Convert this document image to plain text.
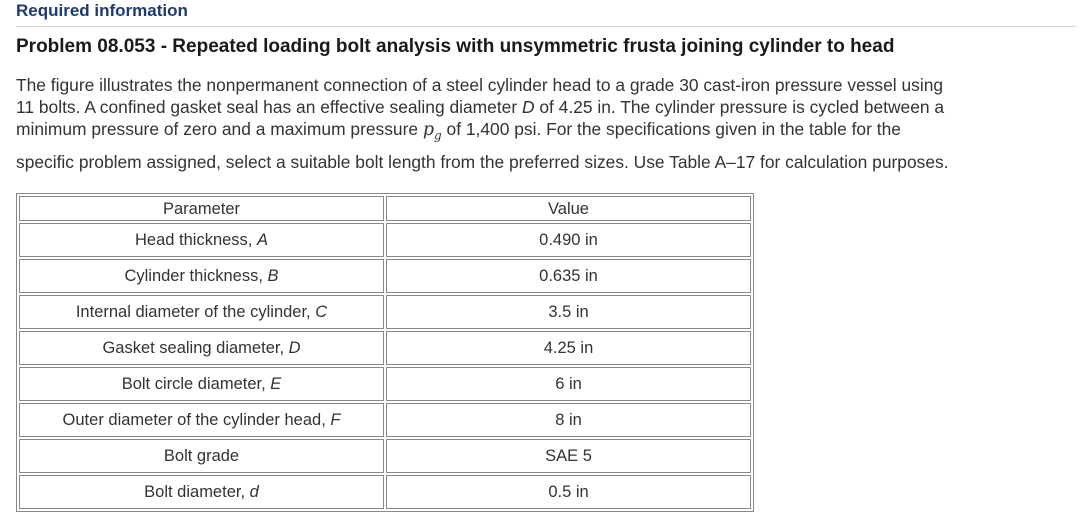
Required information
Problem 08.053 - Repeated loading bolt analysis with unsymmetric frusta joining cylinder to head
The figure illustrates the nonpermanent connection of a steel cylinder head to a grade 30 cast-iron pressure vessel using
11 bolts. A confined gasket seal has an effective sealing diameter D of 4.25 in. The cylinder pressure is cycled between a
minimum pressure of zero and a maximum pressure $p_g$ of 1,400 psi. For the specifications given in the table for the
specific problem assigned, select a suitable bolt length from the preferred sizes. Use Table A–17 for calculation purposes.
Parameter	Value
Head thickness, A	0.490 in
Cylinder thickness, B	0.635 in
Internal diameter of the cylinder, C	3.5 in
Gasket sealing diameter, D	4.25 in
Bolt circle diameter, E	6 in
Outer diameter of the cylinder head, F	8 in
Bolt grade	SAE 5
Bolt diameter, d	0.5 in
